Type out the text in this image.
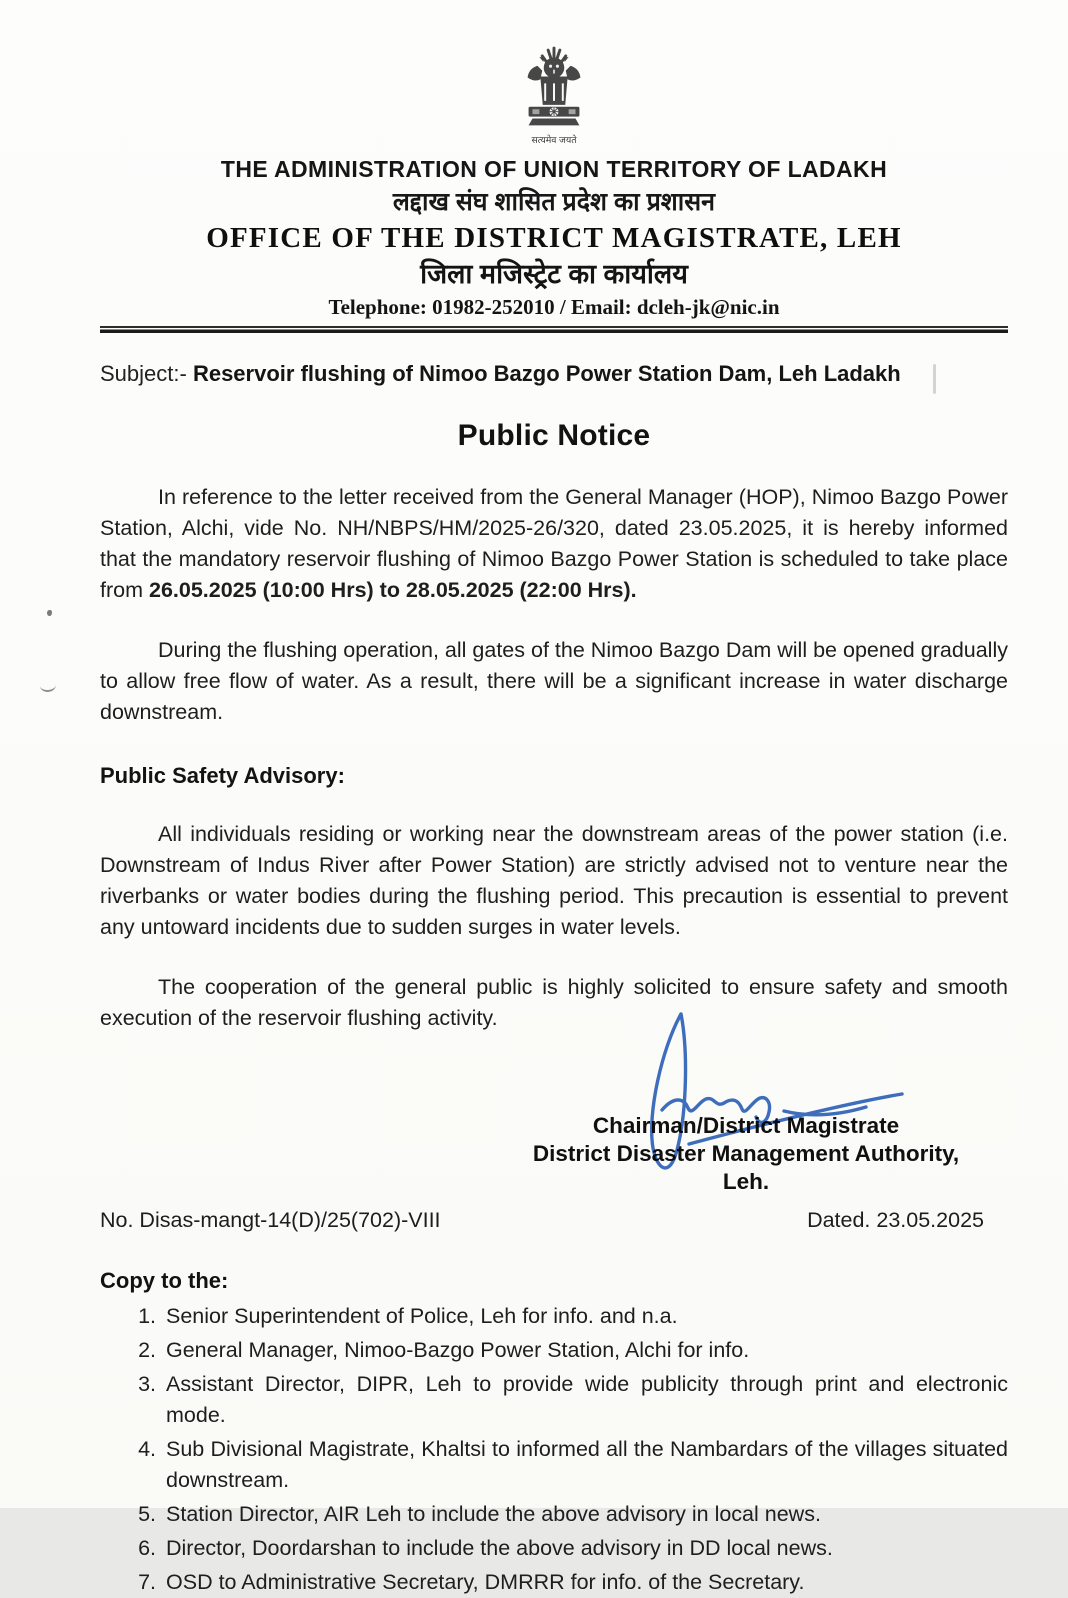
सत्यमेव जयते
THE ADMINISTRATION OF UNION TERRITORY OF LADAKH
लद्दाख संघ शासित प्रदेश का प्रशासन
OFFICE OF THE DISTRICT MAGISTRATE, LEH
जिला मजिस्ट्रेट का कार्यालय
Telephone: 01982-252010 / Email: dcleh-jk@nic.in

Subject:- Reservoir flushing of Nimoo Bazgo Power Station Dam, Leh Ladakh

Public Notice

In reference to the letter received from the General Manager (HOP), Nimoo Bazgo Power Station, Alchi, vide No. NH/NBPS/HM/2025-26/320, dated 23.05.2025, it is hereby informed that the mandatory reservoir flushing of Nimoo Bazgo Power Station is scheduled to take place from 26.05.2025 (10:00 Hrs) to 28.05.2025 (22:00 Hrs).

During the flushing operation, all gates of the Nimoo Bazgo Dam will be opened gradually to allow free flow of water. As a result, there will be a significant increase in water discharge downstream.

Public Safety Advisory:

All individuals residing or working near the downstream areas of the power station (i.e. Downstream of Indus River after Power Station) are strictly advised not to venture near the riverbanks or water bodies during the flushing period. This precaution is essential to prevent any untoward incidents due to sudden surges in water levels.

The cooperation of the general public is highly solicited to ensure safety and smooth execution of the reservoir flushing activity.

Chairman/District Magistrate
District Disaster Management Authority,
Leh.
No. Disas-mangt-14(D)/25(702)-VIII	Dated. 23.05.2025
Copy to the:
1. Senior Superintendent of Police, Leh for info. and n.a.
2. General Manager, Nimoo-Bazgo Power Station, Alchi for info.
3. Assistant Director, DIPR, Leh to provide wide publicity through print and electronic mode.
4. Sub Divisional Magistrate, Khaltsi to informed all the Nambardars of the villages situated downstream.
5. Station Director, AIR Leh to include the above advisory in local news.
6. Director, Doordarshan to include the above advisory in DD local news.
7. OSD to Administrative Secretary, DMRRR for info. of the Secretary.
